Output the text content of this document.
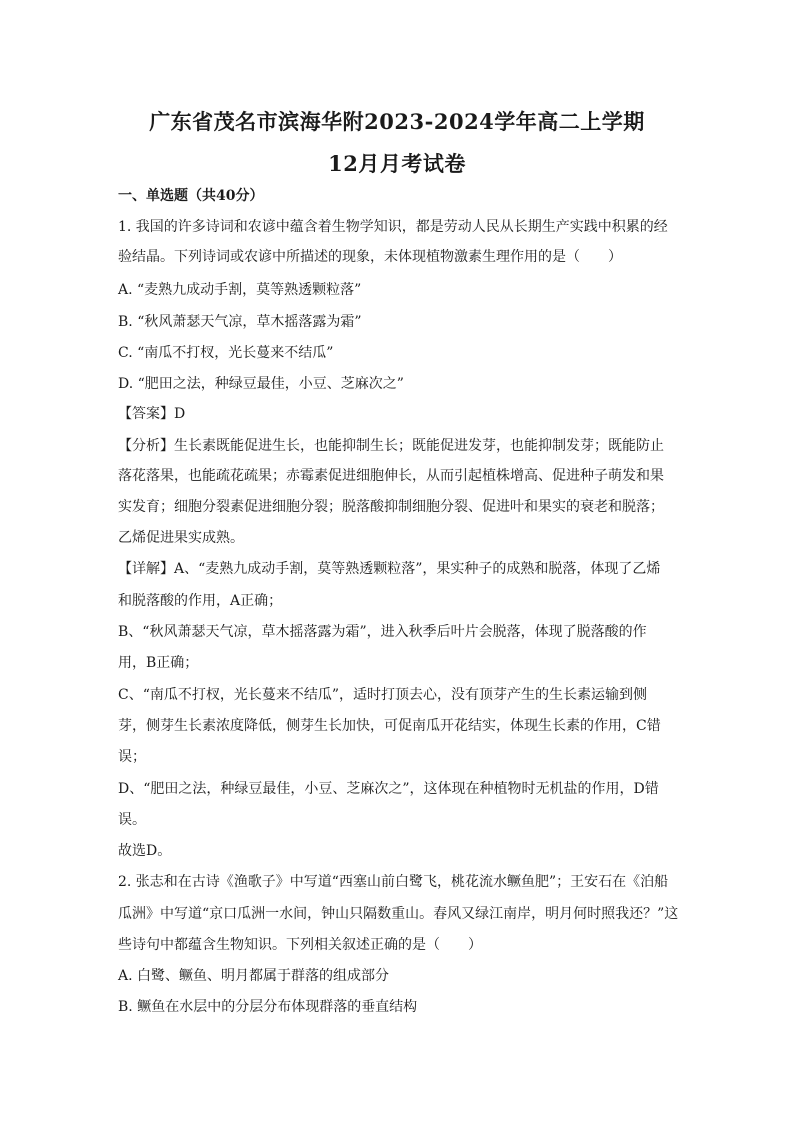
广东省茂名市滨海华附2023-2024学年高二上学期
12月月考试卷
一、单选题（共40分）
1. 我国的许多诗词和农谚中蕴含着生物学知识，都是劳动人民从长期生产实践中积累的经
验结晶。下列诗词或农谚中所描述的现象，未体现植物激素生理作用的是（　　）
A. “麦熟九成动手割，莫等熟透颗粒落”
B. “秋风萧瑟天气凉，草木摇落露为霜”
C. “南瓜不打杈，光长蔓来不结瓜”
D. “肥田之法，种绿豆最佳，小豆、芝麻次之”
【答案】D
【分析】生长素既能促进生长，也能抑制生长；既能促进发芽，也能抑制发芽；既能防止
落花落果，也能疏花疏果；赤霉素促进细胞伸长，从而引起植株增高、促进种子萌发和果
实发育；细胞分裂素促进细胞分裂；脱落酸抑制细胞分裂、促进叶和果实的衰老和脱落；
乙烯促进果实成熟。
【详解】A、“麦熟九成动手割，莫等熟透颗粒落”，果实种子的成熟和脱落，体现了乙烯
和脱落酸的作用，A正确；
B、“秋风萧瑟天气凉，草木摇落露为霜”，进入秋季后叶片会脱落，体现了脱落酸的作
用，B正确；
C、“南瓜不打杈，光长蔓来不结瓜”，适时打顶去心，没有顶芽产生的生长素运输到侧
芽，侧芽生长素浓度降低，侧芽生长加快，可促南瓜开花结实，体现生长素的作用，C错
误；
D、“肥田之法，种绿豆最佳，小豆、芝麻次之”，这体现在种植物时无机盐的作用，D错
误。
故选D。
2. 张志和在古诗《渔歌子》中写道“西塞山前白鹭飞，桃花流水鳜鱼肥”；王安石在《泊船
瓜洲》中写道“京口瓜洲一水间，钟山只隔数重山。春风又绿江南岸，明月何时照我还？”这
些诗句中都蕴含生物知识。下列相关叙述正确的是（　　）
A. 白鹭、鳜鱼、明月都属于群落的组成部分
B. 鳜鱼在水层中的分层分布体现群落的垂直结构
